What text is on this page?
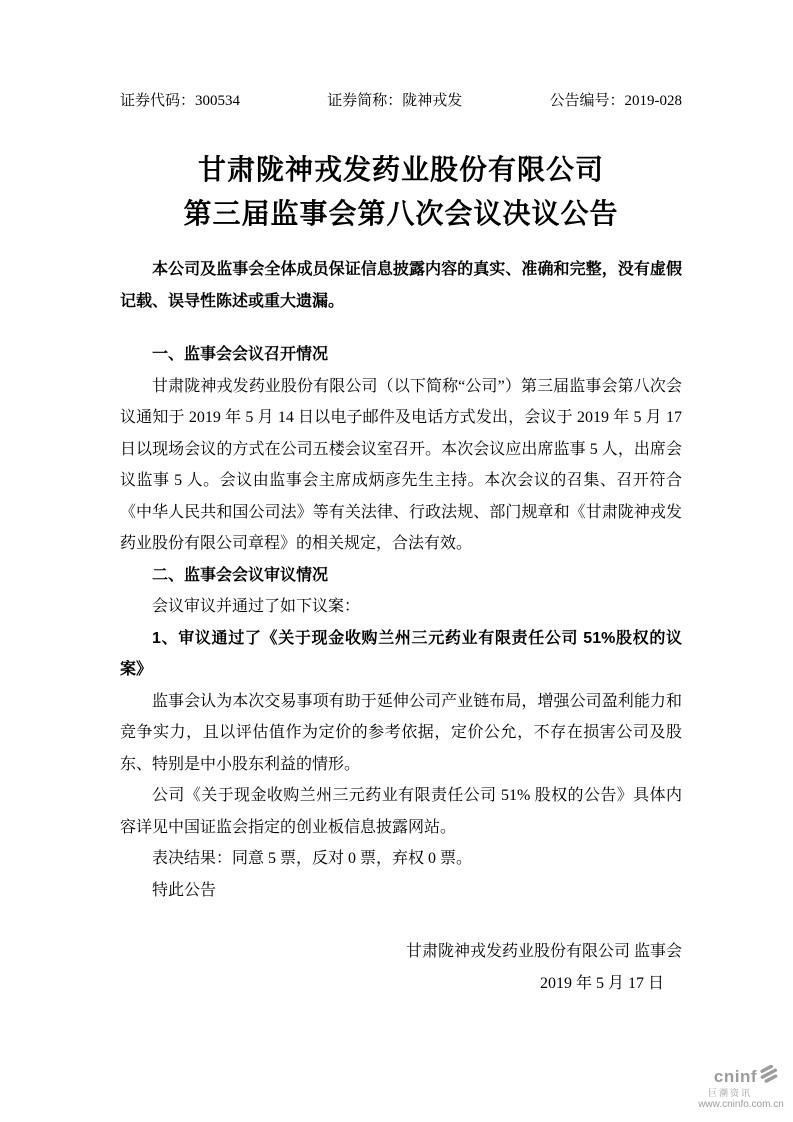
证券代码：300534	证券简称：陇神戎发	公告编号：2019-028
甘肃陇神戎发药业股份有限公司
第三届监事会第八次会议决议公告

本公司及监事会全体成员保证信息披露内容的真实、准确和完整，没有虚假记载、误导性陈述或重大遗漏。

一、监事会会议召开情况

甘肃陇神戎发药业股份有限公司（以下简称“公司”）第三届监事会第八次会议通知于 2019 年 5 月 14 日以电子邮件及电话方式发出，会议于 2019 年 5 月 17 日以现场会议的方式在公司五楼会议室召开。本次会议应出席监事 5 人，出席会议监事 5 人。会议由监事会主席成炳彦先生主持。本次会议的召集、召开符合《中华人民共和国公司法》等有关法律、行政法规、部门规章和《甘肃陇神戎发药业股份有限公司章程》的相关规定，合法有效。

二、监事会会议审议情况

会议审议并通过了如下议案：

1、审议通过了《关于现金收购兰州三元药业有限责任公司 51%股权的议案》

监事会认为本次交易事项有助于延伸公司产业链布局，增强公司盈利能力和竞争实力，且以评估值作为定价的参考依据，定价公允，不存在损害公司及股东、特别是中小股东利益的情形。

公司《关于现金收购兰州三元药业有限责任公司 51% 股权的公告》具体内容详见中国证监会指定的创业板信息披露网站。

表决结果：同意 5 票，反对 0 票，弃权 0 票。

特此公告

甘肃陇神戎发药业股份有限公司 监事会
2019 年 5 月 17 日
cninf
巨潮资讯
www.cninfo.com.cn
